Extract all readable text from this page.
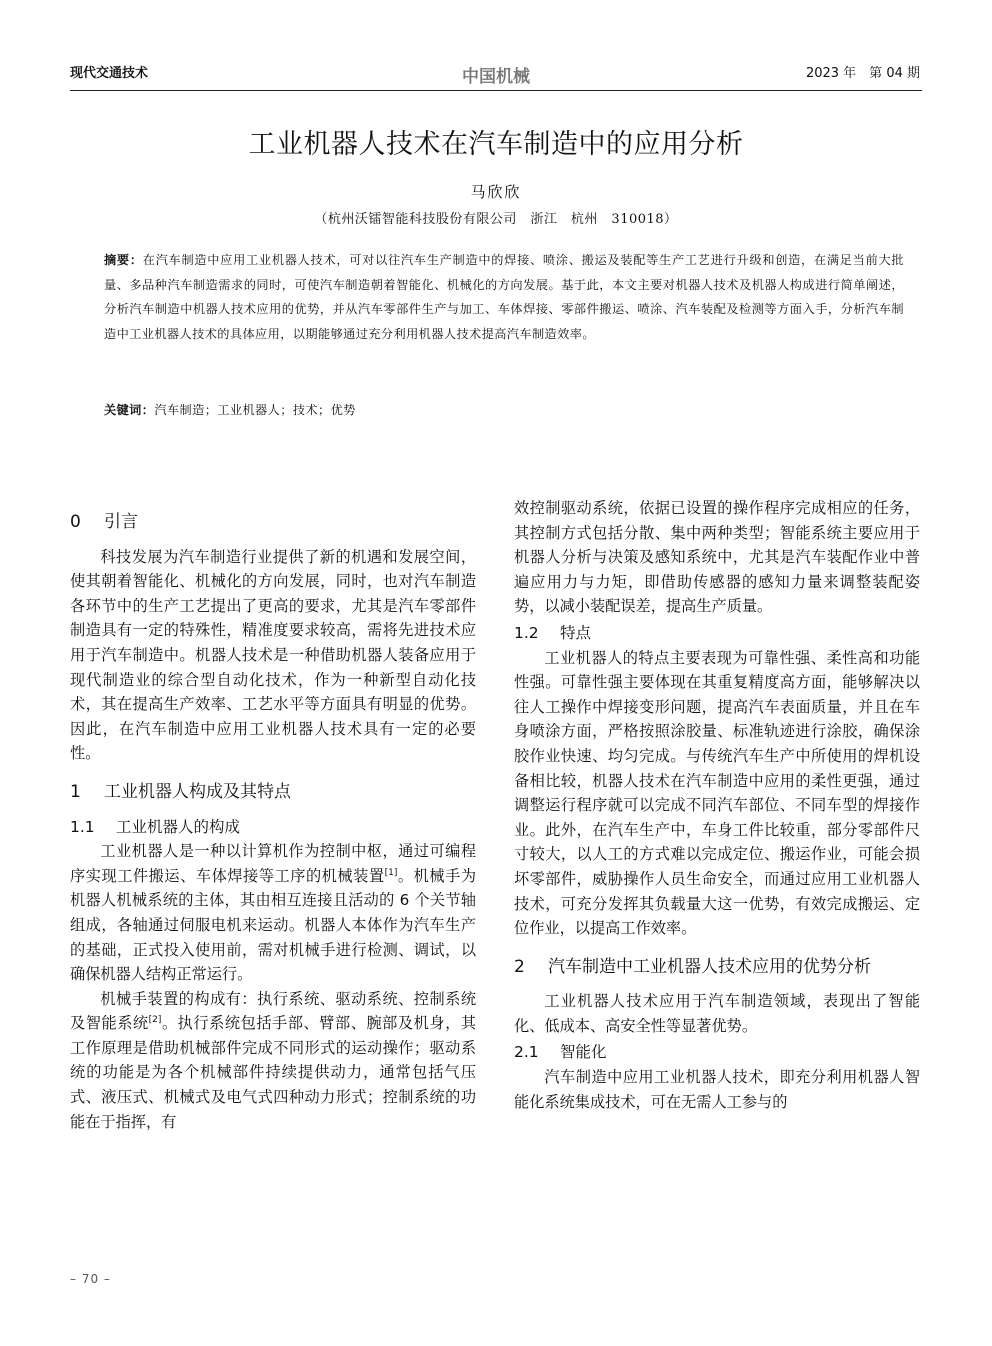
现代交通技术	中国机械	2023 年　第 04 期
工业机器人技术在汽车制造中的应用分析
马欣欣
（杭州沃镭智能科技股份有限公司　浙江　杭州　310018）
摘要：在汽车制造中应用工业机器人技术，可对以往汽车生产制造中的焊接、喷涂、搬运及装配等生产工艺进行升级和创造，在满足当前大批量、多品种汽车制造需求的同时，可使汽车制造朝着智能化、机械化的方向发展。基于此，本文主要对机器人技术及机器人构成进行简单阐述，分析汽车制造中机器人技术应用的优势，并从汽车零部件生产与加工、车体焊接、零部件搬运、喷涂、汽车装配及检测等方面入手，分析汽车制造中工业机器人技术的具体应用，以期能够通过充分利用机器人技术提高汽车制造效率。
关键词：汽车制造；工业机器人；技术；优势
0 引言

科技发展为汽车制造行业提供了新的机遇和发展空间，使其朝着智能化、机械化的方向发展，同时，也对汽车制造各环节中的生产工艺提出了更高的要求，尤其是汽车零部件制造具有一定的特殊性，精准度要求较高，需将先进技术应用于汽车制造中。机器人技术是一种借助机器人装备应用于现代制造业的综合型自动化技术，作为一种新型自动化技术，其在提高生产效率、工艺水平等方面具有明显的优势。因此，在汽车制造中应用工业机器人技术具有一定的必要性。

1 工业机器人构成及其特点
1.1 工业机器人的构成

工业机器人是一种以计算机作为控制中枢，通过可编程序实现工件搬运、车体焊接等工序的机械装置[1]。机械手为机器人机械系统的主体，其由相互连接且活动的 6 个关节轴组成，各轴通过伺服电机来运动。机器人本体作为汽车生产的基础，正式投入使用前，需对机械手进行检测、调试，以确保机器人结构正常运行。

机械手装置的构成有：执行系统、驱动系统、控制系统及智能系统[2]。执行系统包括手部、臂部、腕部及机身，其工作原理是借助机械部件完成不同形式的运动操作；驱动系统的功能是为各个机械部件持续提供动力，通常包括气压式、液压式、机械式及电气式四种动力形式；控制系统的功能在于指挥，有

效控制驱动系统，依据已设置的操作程序完成相应的任务，其控制方式包括分散、集中两种类型；智能系统主要应用于机器人分析与决策及感知系统中，尤其是汽车装配作业中普遍应用力与力矩，即借助传感器的感知力量来调整装配姿势，以减小装配误差，提高生产质量。

1.2 特点

工业机器人的特点主要表现为可靠性强、柔性高和功能性强。可靠性强主要体现在其重复精度高方面，能够解决以往人工操作中焊接变形问题，提高汽车表面质量，并且在车身喷涂方面，严格按照涂胶量、标准轨迹进行涂胶，确保涂胶作业快速、均匀完成。与传统汽车生产中所使用的焊机设备相比较，机器人技术在汽车制造中应用的柔性更强，通过调整运行程序就可以完成不同汽车部位、不同车型的焊接作业。此外，在汽车生产中，车身工件比较重，部分零部件尺寸较大，以人工的方式难以完成定位、搬运作业，可能会损坏零部件，威胁操作人员生命安全，而通过应用工业机器人技术，可充分发挥其负载量大这一优势，有效完成搬运、定位作业，以提高工作效率。

2 汽车制造中工业机器人技术应用的优势分析

工业机器人技术应用于汽车制造领域，表现出了智能化、低成本、高安全性等显著优势。

2.1 智能化

汽车制造中应用工业机器人技术，即充分利用机器人智能化系统集成技术，可在无需人工参与的

– 70 –
